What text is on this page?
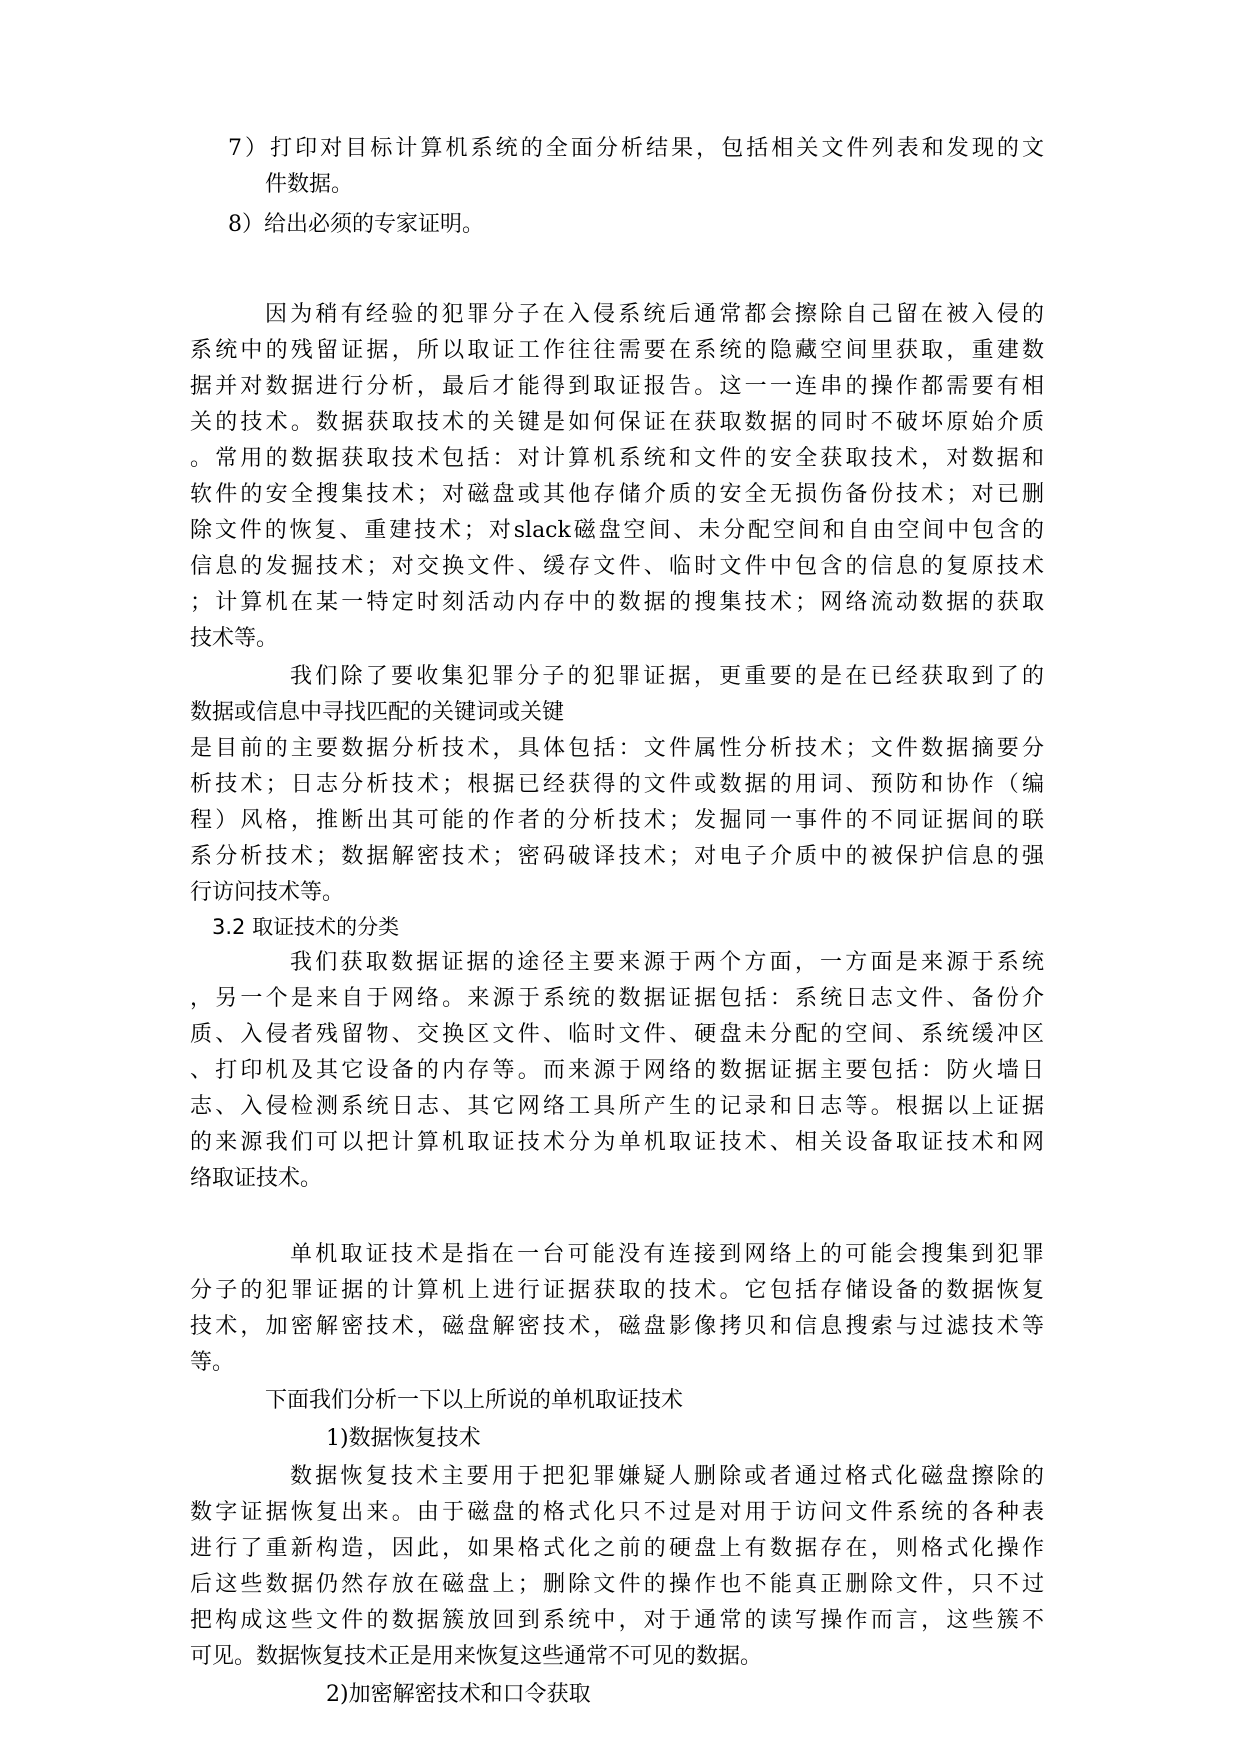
7）打印对目标计算机系统的全面分析结果，包括相关文件列表和发现的文
件数据。
8）给出必须的专家证明。
因为稍有经验的犯罪分子在入侵系统后通常都会擦除自己留在被入侵的
系统中的残留证据，所以取证工作往往需要在系统的隐藏空间里获取，重建数
据并对数据进行分析，最后才能得到取证报告。这一一连串的操作都需要有相
关的技术。数据获取技术的关键是如何保证在获取数据的同时不破坏原始介质
。常用的数据获取技术包括：对计算机系统和文件的安全获取技术，对数据和
软件的安全搜集技术；对磁盘或其他存储介质的安全无损伤备份技术；对已删
除文件的恢复、重建技术；对slack磁盘空间、未分配空间和自由空间中包含的
信息的发掘技术；对交换文件、缓存文件、临时文件中包含的信息的复原技术
；计算机在某一特定时刻活动内存中的数据的搜集技术；网络流动数据的获取
技术等。
我们除了要收集犯罪分子的犯罪证据，更重要的是在已经获取到了的
数据或信息中寻找匹配的关键词或关键
是目前的主要数据分析技术，具体包括：文件属性分析技术；文件数据摘要分
析技术；日志分析技术；根据已经获得的文件或数据的用词、预防和协作（编
程）风格，推断出其可能的作者的分析技术；发掘同一事件的不同证据间的联
系分析技术；数据解密技术；密码破译技术；对电子介质中的被保护信息的强
行访问技术等。
3.2 取证技术的分类
我们获取数据证据的途径主要来源于两个方面，一方面是来源于系统
，另一个是来自于网络。来源于系统的数据证据包括：系统日志文件、备份介
质、入侵者残留物、交换区文件、临时文件、硬盘未分配的空间、系统缓冲区
、打印机及其它设备的内存等。而来源于网络的数据证据主要包括：防火墙日
志、入侵检测系统日志、其它网络工具所产生的记录和日志等。根据以上证据
的来源我们可以把计算机取证技术分为单机取证技术、相关设备取证技术和网
络取证技术。
单机取证技术是指在一台可能没有连接到网络上的可能会搜集到犯罪
分子的犯罪证据的计算机上进行证据获取的技术。它包括存储设备的数据恢复
技术，加密解密技术，磁盘解密技术，磁盘影像拷贝和信息搜索与过滤技术等
等。
下面我们分析一下以上所说的单机取证技术
1)数据恢复技术
数据恢复技术主要用于把犯罪嫌疑人删除或者通过格式化磁盘擦除的
数字证据恢复出来。由于磁盘的格式化只不过是对用于访问文件系统的各种表
进行了重新构造，因此，如果格式化之前的硬盘上有数据存在，则格式化操作
后这些数据仍然存放在磁盘上；删除文件的操作也不能真正删除文件，只不过
把构成这些文件的数据簇放回到系统中，对于通常的读写操作而言，这些簇不
可见。数据恢复技术正是用来恢复这些通常不可见的数据。
2)加密解密技术和口令获取
